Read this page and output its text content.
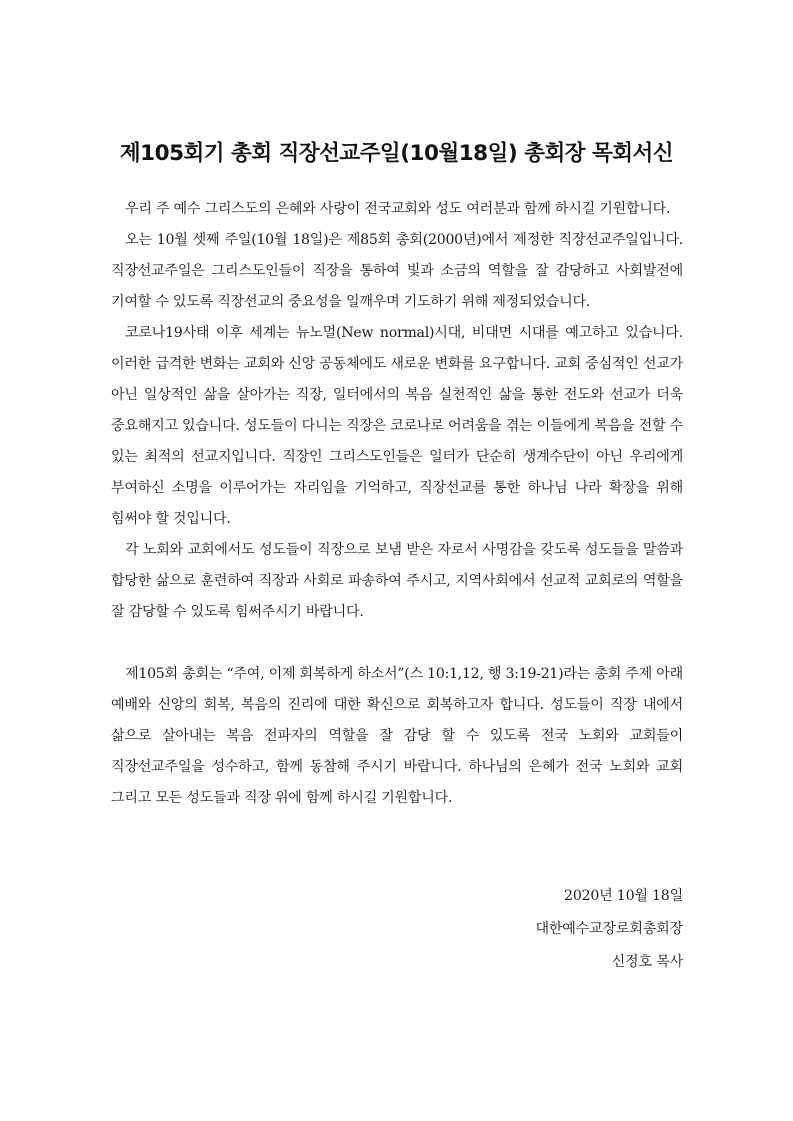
제105회기 총회 직장선교주일(10월18일) 총회장 목회서신

우리 주 예수 그리스도의 은혜와 사랑이 전국교회와 성도 여러분과 함께 하시길 기원합니다.

오는 10월 셋째 주일(10월 18일)은 제85회 총회(2000년)에서 제정한 직장선교주일입니다. 직장선교주일은 그리스도인들이 직장을 통하여 빛과 소금의 역할을 잘 감당하고 사회발전에 기여할 수 있도록 직장선교의 중요성을 일깨우며 기도하기 위해 제정되었습니다.

코로나19사태 이후 세계는 뉴노멀(New normal)시대, 비대면 시대를 예고하고 있습니다. 이러한 급격한 변화는 교회와 신앙 공동체에도 새로운 변화를 요구합니다. 교회 중심적인 선교가 아닌 일상적인 삶을 살아가는 직장, 일터에서의 복음 실천적인 삶을 통한 전도와 선교가 더욱 중요해지고 있습니다. 성도들이 다니는 직장은 코로나로 어려움을 겪는 이들에게 복음을 전할 수 있는 최적의 선교지입니다. 직장인 그리스도인들은 일터가 단순히 생계수단이 아닌 우리에게 부여하신 소명을 이루어가는 자리임을 기억하고, 직장선교를 통한 하나님 나라 확장을 위해 힘써야 할 것입니다.

각 노회와 교회에서도 성도들이 직장으로 보냄 받은 자로서 사명감을 갖도록 성도들을 말씀과 합당한 삶으로 훈련하여 직장과 사회로 파송하여 주시고, 지역사회에서 선교적 교회로의 역할을 잘 감당할 수 있도록 힘써주시기 바랍니다.

제105회 총회는 “주여, 이제 회복하게 하소서”(스 10:1,12, 행 3:19-21)라는 총회 주제 아래 예배와 신앙의 회복, 복음의 진리에 대한 확신으로 회복하고자 합니다. 성도들이 직장 내에서 삶으로 살아내는 복음 전파자의 역할을 잘 감당 할 수 있도록 전국 노회와 교회들이 직장선교주일을 성수하고, 함께 동참해 주시기 바랍니다. 하나님의 은혜가 전국 노회와 교회 그리고 모든 성도들과 직장 위에 함께 하시길 기원합니다.

2020년 10월 18일
대한예수교장로회총회장
신정호 목사
